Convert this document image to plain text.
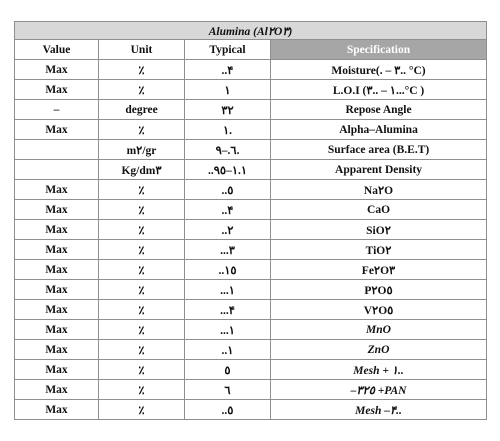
Alumina (Al۲O۳)			
Value	Unit	Typical	Specification
Max	٪	..۴	Moisture(. – ۳.. °C)
Max	٪	۱	L.O.I (۳.. – ۱...°C )
–	degree	۳۲	Repose Angle
Max	٪	۱.	Alpha–Alumina
	m۲/gr	٦.–٩.	Surface area (B.E.T)
	Kg/dm۳	..٩٥–۱.۱	Apparent Density
Max	٪	..٥	Na۲O
Max	٪	..۴	CaO
Max	٪	..۲	SiO۲
Max	٪	...۳	TiO۲
Max	٪	..۱٥	Fe۲O۳
Max	٪	...۱	P۲O٥
Max	٪	...۴	V۲O٥
Max	٪	...۱	MnO
Max	٪	..۱	ZnO
Max	٪	٥	Mesh + ۱..
Max	٪	٦	–۳۲٥ +PAN
Max	٪	..٥	Mesh –۴..
